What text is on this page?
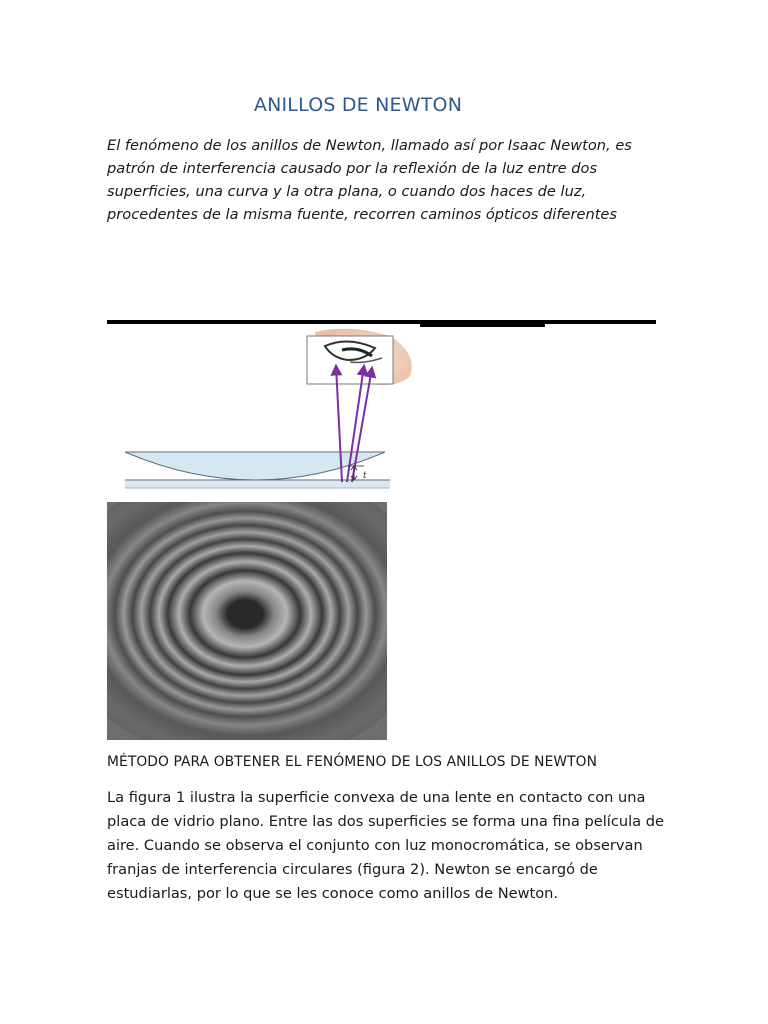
ANILLOS DE NEWTON

El fenómeno de los anillos de Newton, llamado así por Isaac Newton, es patrón de interferencia causado por la reflexión de la luz entre dos superficies, una curva y la otra plana, o cuando dos haces de luz, procedentes de la misma fuente, recorren caminos ópticos diferentes

t
MÉTODO PARA OBTENER EL FENÓMENO DE LOS ANILLOS DE NEWTON

La figura 1 ilustra la superficie convexa de una lente en contacto con una placa de vidrio plano. Entre las dos superficies se forma una fina película de aire. Cuando se observa el conjunto con luz monocromática, se observan franjas de interferencia circulares (figura 2). Newton se encargó de estudiarlas, por lo que se les conoce como anillos de Newton.
